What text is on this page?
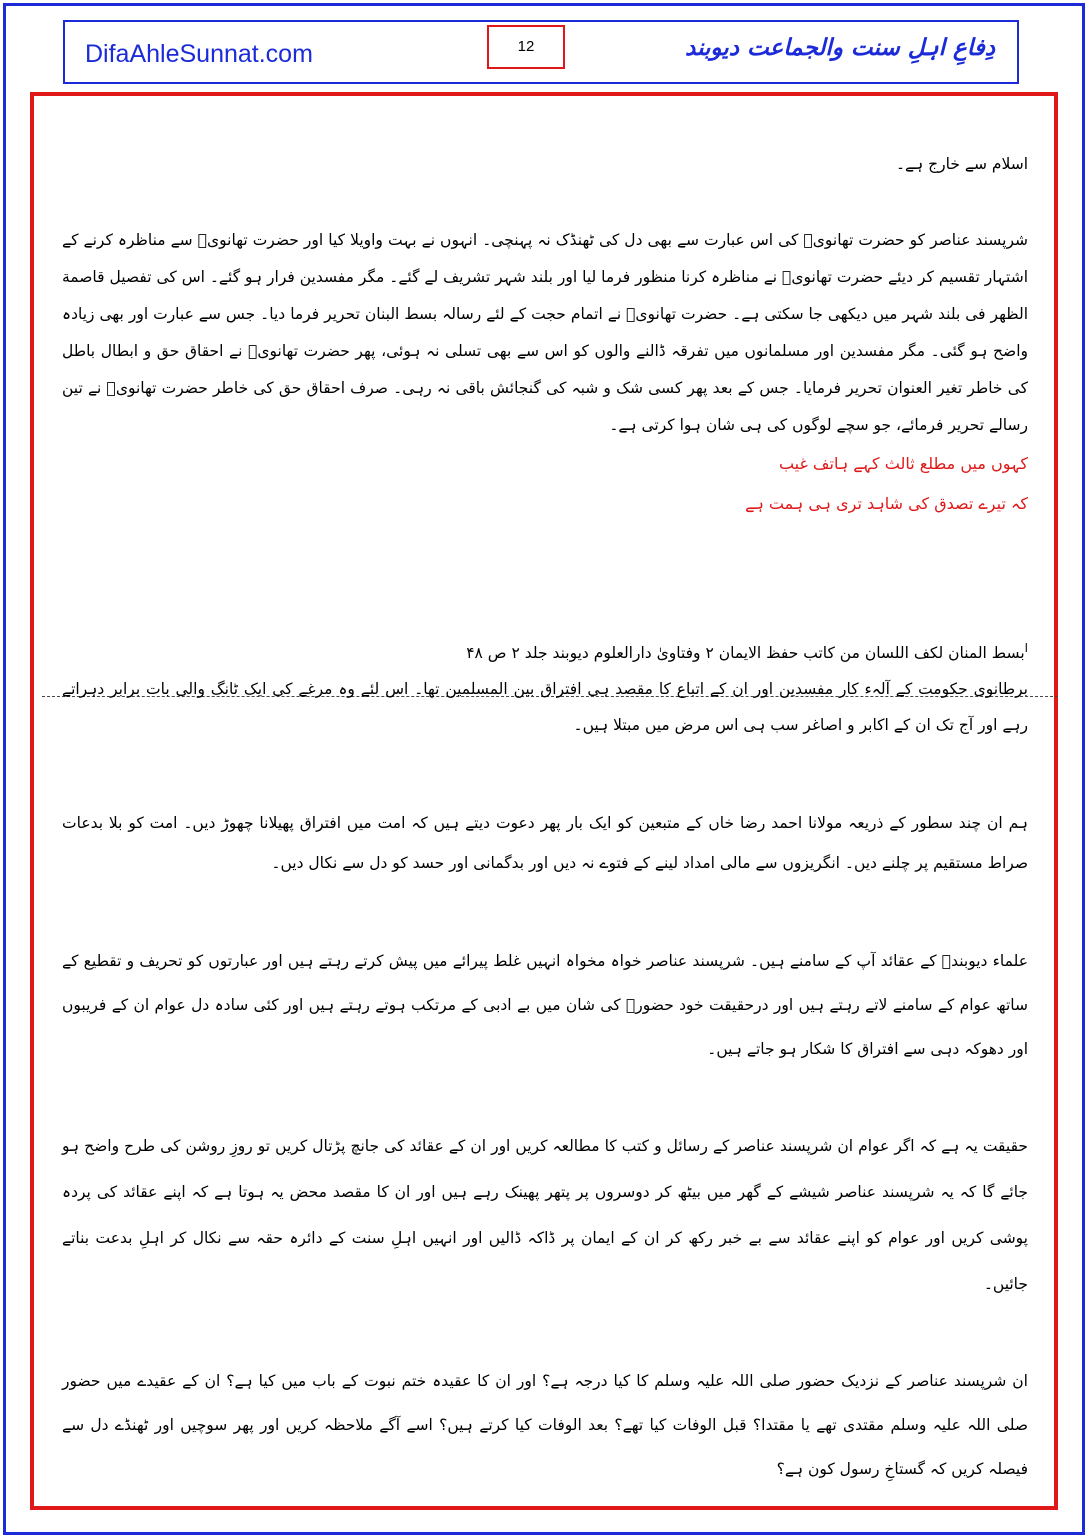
DifaAhleSunnat.com	12	دِفاعِ اہلِ سنت والجماعت دیوبند

اسلام سے خارج ہے۔

شرپسند عناصر کو حضرت تھانویؒ کی اس عبارت سے بھی دل کی ٹھنڈک نہ پہنچی۔ انہوں نے بہت واویلا کیا اور حضرت تھانویؒ سے مناظرہ کرنے کے اشتہار تقسیم کر دیئے حضرت تھانویؒ نے مناظرہ کرنا منظور فرما لیا اور بلند شہر تشریف لے گئے۔ مگر مفسدین فرار ہو گئے۔ اس کی تفصیل قاصمة الظهر فی بلند شہر میں دیکھی جا سکتی ہے۔ حضرت تھانویؒ نے اتمام حجت کے لئے رسالہ بسط البنان تحریر فرما دیا۔ جس سے عبارت اور بھی زیادہ واضح ہو گئی۔ مگر مفسدین اور مسلمانوں میں تفرقہ ڈالنے والوں کو اس سے بھی تسلی نہ ہوئی، پھر حضرت تھانویؒ نے احقاق حق و ابطال باطل کی خاطر تغیر العنوان تحریر فرمایا۔ جس کے بعد پھر کسی شک و شبہ کی گنجائش باقی نہ رہی۔ صرف احقاق حق کی خاطر حضرت تھانویؒ نے تین رسالے تحریر فرمائے، جو سچے لوگوں کی ہی شان ہوا کرتی ہے۔

کہوں میں مطلع ثالث کہے ہاتف غیب
کہ تیرے تصدق کی شاہد تری ہی ہمت ہے

$^ا$بسط المنان لكف اللسان من كاتب حفظ الايمان ۲ وفتاویٰ دارالعلوم دیوبند جلد ۲ ص ۴۸

برطانوی حکومت کے آلہء کار مفسدین اور ان کے اتباع کا مقصد ہی افتراق بین المسلمین تھا۔ اس لئے وہ مرغے کی ایک ٹانگ والی بات برابر دہراتے رہے اور آج تک ان کے اکابر و اصاغر سب ہی اس مرض میں مبتلا ہیں۔

ہم ان چند سطور کے ذریعہ مولانا احمد رضا خاں کے متبعین کو ایک بار پھر دعوت دیتے ہیں کہ امت میں افتراق پھیلانا چھوڑ دیں۔ امت کو بلا بدعات صراط مستقیم پر چلنے دیں۔ انگریزوں سے مالی امداد لینے کے فتوے نہ دیں اور بدگمانی اور حسد کو دل سے نکال دیں۔

علماء دیوبندؒ کے عقائد آپ کے سامنے ہیں۔ شرپسند عناصر خواہ مخواہ انہیں غلط پیرائے میں پیش کرتے رہتے ہیں اور عبارتوں کو تحریف و تقطیع کے ساتھ عوام کے سامنے لاتے رہتے ہیں اور درحقیقت خود حضورؐ کی شان میں بے ادبی کے مرتکب ہوتے رہتے ہیں اور کئی سادہ دل عوام ان کے فریبوں اور دھوکہ دہی سے افتراق کا شکار ہو جاتے ہیں۔

حقیقت یہ ہے کہ اگر عوام ان شرپسند عناصر کے رسائل و کتب کا مطالعہ کریں اور ان کے عقائد کی جانچ پڑتال کریں تو روزِ روشن کی طرح واضح ہو جائے گا کہ یہ شرپسند عناصر شیشے کے گھر میں بیٹھ کر دوسروں پر پتھر پھینک رہے ہیں اور ان کا مقصد محض یہ ہوتا ہے کہ اپنے عقائد کی پردہ پوشی کریں اور عوام کو اپنے عقائد سے بے خبر رکھ کر ان کے ایمان پر ڈاکہ ڈالیں اور انہیں اہلِ سنت کے دائرہ حقہ سے نکال کر اہلِ بدعت بناتے جائیں۔

ان شرپسند عناصر کے نزدیک حضور صلی اللہ علیہ وسلم کا کیا درجہ ہے؟ اور ان کا عقیدہ ختم نبوت کے باب میں کیا ہے؟ ان کے عقیدے میں حضور صلی اللہ علیہ وسلم مقتدی تھے یا مقتدا؟ قبل الوفات کیا تھے؟ بعد الوفات کیا کرتے ہیں؟ اسے آگے ملاحظہ کریں اور پھر سوچیں اور ٹھنڈے دل سے فیصلہ کریں کہ گستاخِ رسول کون ہے؟
